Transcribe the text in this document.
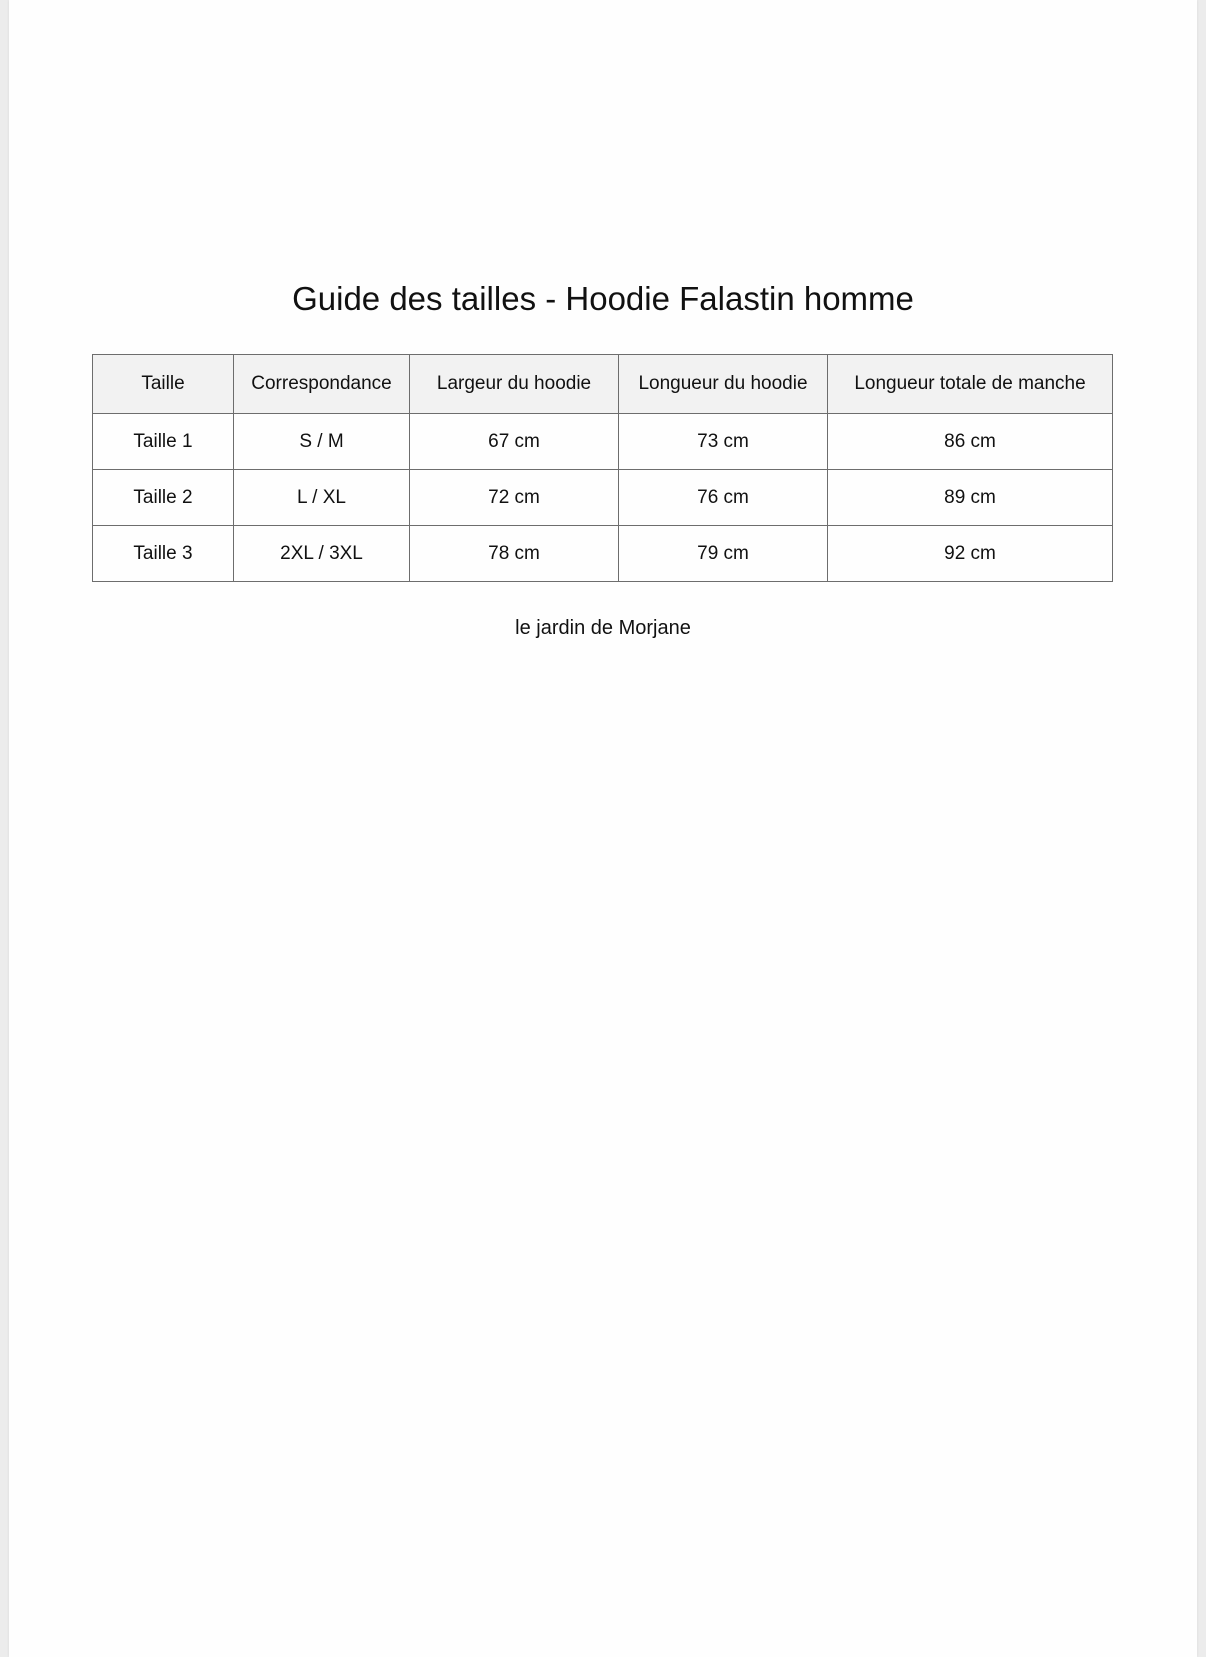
Guide des tailles - Hoodie Falastin homme
Taille	Correspondance	Largeur du hoodie	Longueur du hoodie	Longueur totale de manche
Taille 1	S / M	67 cm	73 cm	86 cm
Taille 2	L / XL	72 cm	76 cm	89 cm
Taille 3	2XL / 3XL	78 cm	79 cm	92 cm
le jardin de Morjane
